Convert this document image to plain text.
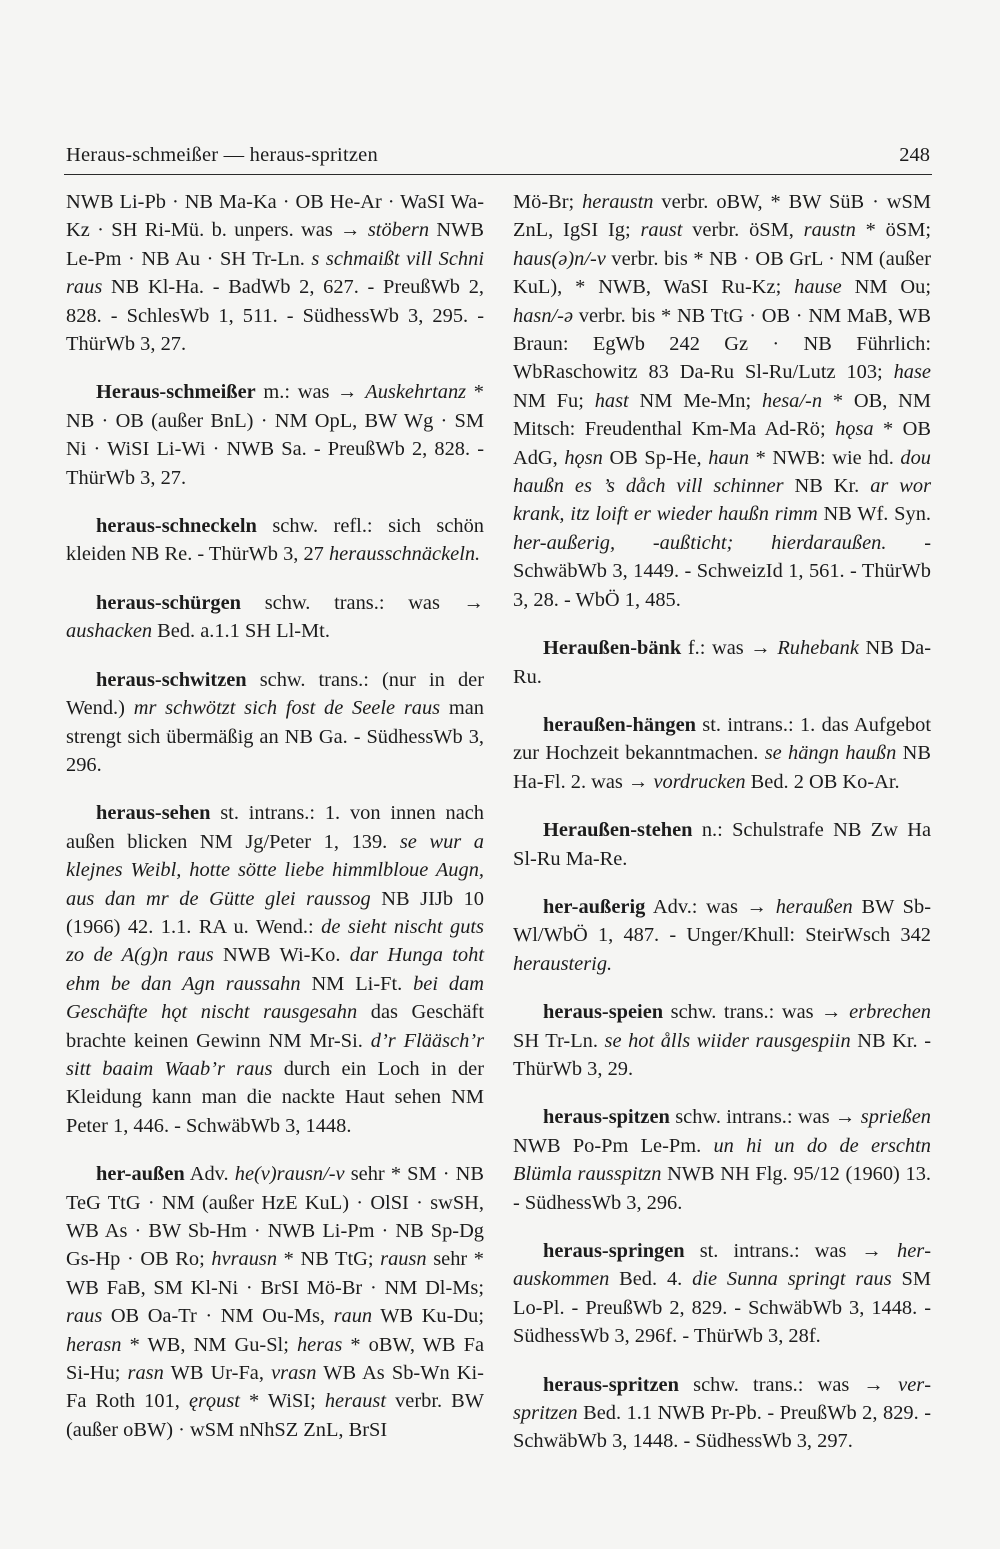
Heraus-schmeißer — heraus-spritzen	248

NWB Li-Pb · NB Ma-Ka · OB He-Ar · WaSI Wa-Kz · SH Ri-Mü. b. unpers. was → stöbern NWB Le-Pm · NB Au · SH Tr-Ln. s schmaißt vill Schni raus NB Kl-Ha. - BadWb 2, 627. - PreußWb 2, 828. - SchlesWb 1, 511. - SüdhessWb 3, 295. - ThürWb 3, 27.

Heraus-schmeißer m.: was → Auskehrtanz * NB · OB (außer BnL) · NM OpL, BW Wg · SM Ni · WiSI Li-Wi · NWB Sa. - PreußWb 2, 828. - ThürWb 3, 27.

heraus-schneckeln schw. refl.: sich schön kleiden NB Re. - ThürWb 3, 27 herausschnäckeln.

heraus-schürgen schw. trans.: was → aushacken Bed. a.1.1 SH Ll-Mt.

heraus-schwitzen schw. trans.: (nur in der Wend.) mr schwötzt sich fost de Seele raus man strengt sich übermäßig an NB Ga. - SüdhessWb 3, 296.

heraus-sehen st. intrans.: 1. von innen nach außen blicken NM Jg/Peter 1, 139. se wur a klejnes Weibl, hotte sötte liebe himmlbloue Augn, aus dan mr de Gütte glei raussog NB JIJb 10 (1966) 42. 1.1. RA u. Wend.: de sieht nischt guts zo de A(g)n raus NWB Wi-Ko. dar Hunga toht ehm be dan Agn raussahn NM Li-Ft. bei dam Geschäfte hǫt nischt rausgesahn das Geschäft brachte keinen Gewinn NM Mr-Si. d’r Flääsch’r sitt baaim Waab’r raus durch ein Loch in der Kleidung kann man die nackte Haut sehen NM Peter 1, 446. - SchwäbWb 3, 1448.

her-außen Adv. he(v)rausn/-v sehr * SM · NB TeG TtG · NM (außer HzE KuL) · OlSI · swSH, WB As · BW Sb-Hm · NWB Li-Pm · NB Sp-Dg Gs-Hp · OB Ro; hvrausn * NB TtG; rausn sehr * WB FaB, SM Kl-Ni · BrSI Mö-Br · NM Dl-Ms; raus OB Oa-Tr · NM Ou-Ms, raun WB Ku-Du; herasn * WB, NM Gu-Sl; heras * oBW, WB Fa Si-Hu; rasn WB Ur-Fa, vrasn WB As Sb-Wn Ki-Fa Roth 101, ęrǫust * WiSI; heraust verbr. BW (außer oBW) · wSM nNhSZ ZnL, BrSI

Mö-Br; heraustn verbr. oBW, * BW SüB · wSM ZnL, IgSI Ig; raust verbr. öSM, raustn * öSM; haus(ə)n/-v verbr. bis * NB · OB GrL · NM (außer KuL), * NWB, WaSI Ru-Kz; hause NM Ou; hasn/-ə verbr. bis * NB TtG · OB · NM MaB, WB Braun: EgWb 242 Gz · NB Führlich: WbRaschowitz 83 Da-Ru Sl-Ru/Lutz 103; hase NM Fu; hast NM Me-Mn; hesa/-n * OB, NM Mitsch: Freudenthal Km-Ma Ad-Rö; hǫsa * OB AdG, hǫsn OB Sp-He, haun * NWB: wie hd. dou haußn es ’s dåch vill schinner NB Kr. ar wor krank, itz loift er wieder haußn rimm NB Wf. Syn. her-außerig, -außticht; hierdaraußen. - SchwäbWb 3, 1449. - SchweizId 1, 561. - ThürWb 3, 28. - WbÖ 1, 485.

Heraußen-bänk f.: was → Ruhebank NB Da-Ru.

heraußen-hängen st. intrans.: 1. das Aufgebot zur Hochzeit bekanntmachen. se hängn haußn NB Ha-Fl. 2. was → vordrucken Bed. 2 OB Ko-Ar.

Heraußen-stehen n.: Schulstrafe NB Zw Ha Sl-Ru Ma-Re.

her-außerig Adv.: was → heraußen BW Sb-Wl/WbÖ 1, 487. - Unger/Khull: SteirWsch 342 herausterig.

heraus-speien schw. trans.: was → erbrechen SH Tr-Ln. se hot ålls wiider rausgespiin NB Kr. - ThürWb 3, 29.

heraus-spitzen schw. intrans.: was → sprießen NWB Po-Pm Le-Pm. un hi un do de erschtn Blümla rausspitzn NWB NH Flg. 95/12 (1960) 13. - SüdhessWb 3, 296.

heraus-springen st. intrans.: was → herauskommen Bed. 4. die Sunna springt raus SM Lo-Pl. - PreußWb 2, 829. - SchwäbWb 3, 1448. - SüdhessWb 3, 296f. - ThürWb 3, 28f.

heraus-spritzen schw. trans.: was → verspritzen Bed. 1.1 NWB Pr-Pb. - PreußWb 2, 829. - SchwäbWb 3, 1448. - SüdhessWb 3, 297.
